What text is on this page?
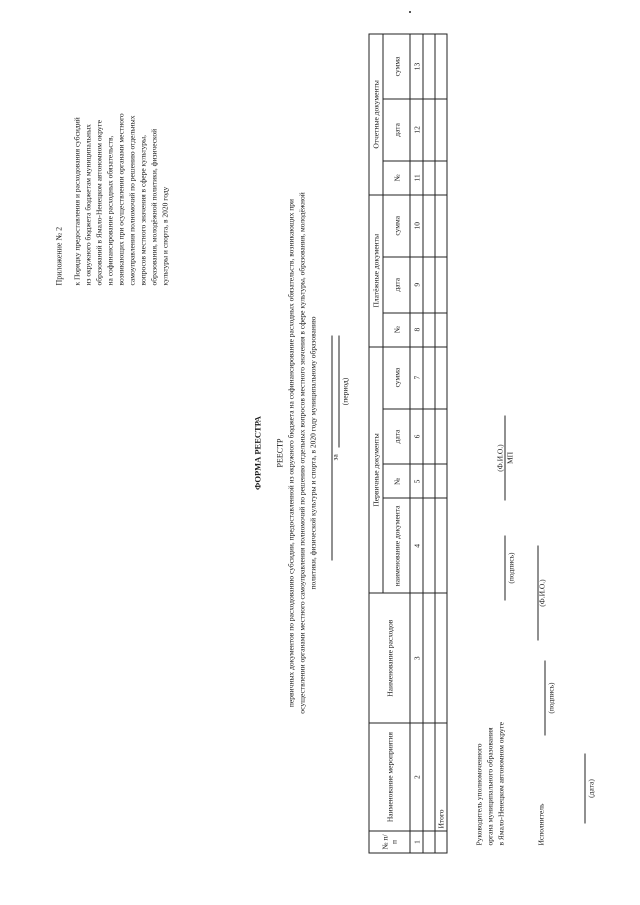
Приложение № 2 к Порядку предоставления и расходования субсидий из окружного бюджета бюджетам муниципальных образований в Ямало-Ненецком автономном округе на софинансирование расходных обязательств, возникающих при осуществлении органами местного самоуправления полномочий по решению отдельных вопросов местного значения в сфере культуры, образования, молодёжной политики, физической культуры и спорта, в 2020 году
ФОРМА РЕЕСТРА РЕЕСТР первичных документов по расходованию субсидии, предоставленной из окружного бюджета на софинансирование расходных обязательств, возникающих при осуществлении органами местного самоуправления полномочий по решению отдельных вопросов местного значения в сфере культуры, образования, молодёжной политики, физической культуры и спорта, в 2020 году муниципальному образованию за
(период)
№ п/п	Наименование мероприятия	Наименование расходов	Первичные документы				Платёжные документы			Отчетные документы		
			наименование документа	№	дата	сумма	№	дата	сумма	№	дата	сумма
1	2	3	4	5	6	7	8	9	10	11	12	13

	Итого												Руководитель уполномоченного органа муниципального образования в Ямало-Ненецком автономном округе
(подпись)
(Ф.И.О.) МП
Исполнитель
(подпись)
(Ф.И.О.)
(дата)
